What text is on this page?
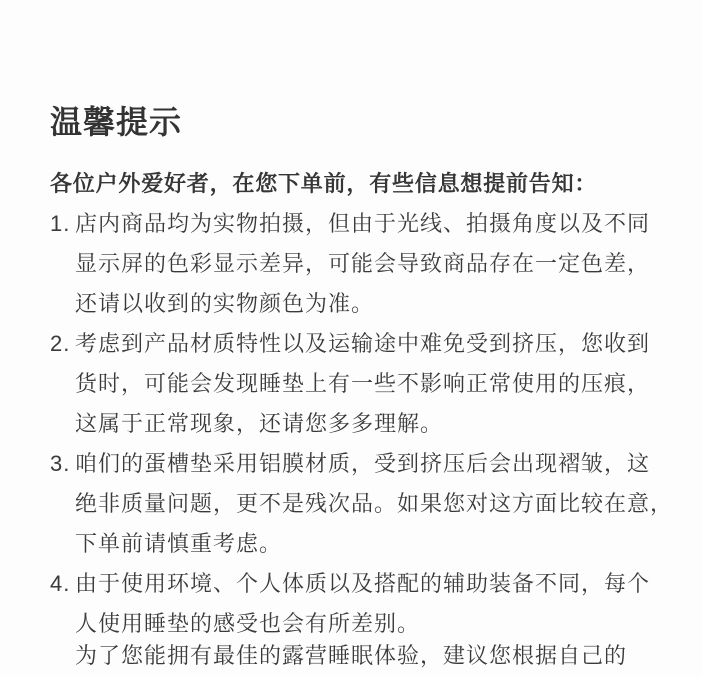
温馨提示

各位户外爱好者，在您下单前，有些信息想提前告知：

1. 店内商品均为实物拍摄，但由于光线、拍摄角度以及不同
显示屏的色彩显示差异，可能会导致商品存在一定色差，
还请以收到的实物颜色为准。
2. 考虑到产品材质特性以及运输途中难免受到挤压，您收到
货时，可能会发现睡垫上有一些不影响正常使用的压痕，
这属于正常现象，还请您多多理解。
3. 咱们的蛋槽垫采用铝膜材质，受到挤压后会出现褶皱，这
绝非质量问题，更不是残次品。如果您对这方面比较在意，
下单前请慎重考虑。
4. 由于使用环境、个人体质以及搭配的辅助装备不同，每个
人使用睡垫的感受也会有所差别。
为了您能拥有最佳的露营睡眠体验，建议您根据自己的
